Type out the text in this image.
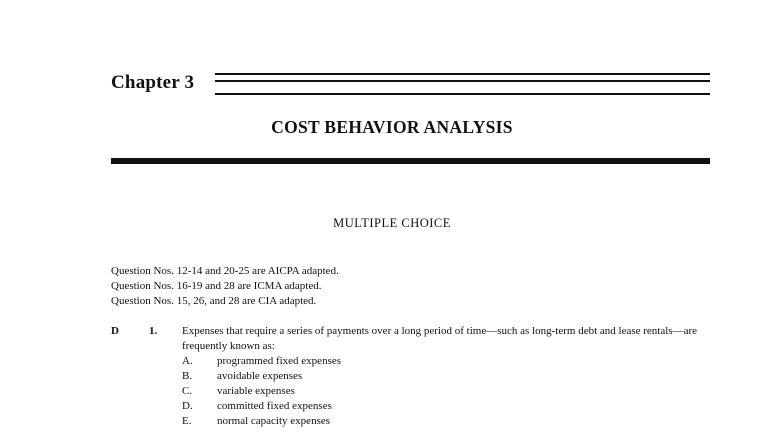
Chapter 3
COST BEHAVIOR ANALYSIS
MULTIPLE CHOICE
Question Nos. 12-14 and 20-25 are AICPA adapted.
Question Nos. 16-19 and 28 are ICMA adapted.
Question Nos. 15, 26, and 28 are CIA adapted.
D	1. Expenses that require a series of payments over a long period of time—such as long-term debt and lease rentals—are frequently known as:

A. programmed fixed expenses
B. avoidable expenses
C. variable expenses
D. committed fixed expenses
E. normal capacity expenses
